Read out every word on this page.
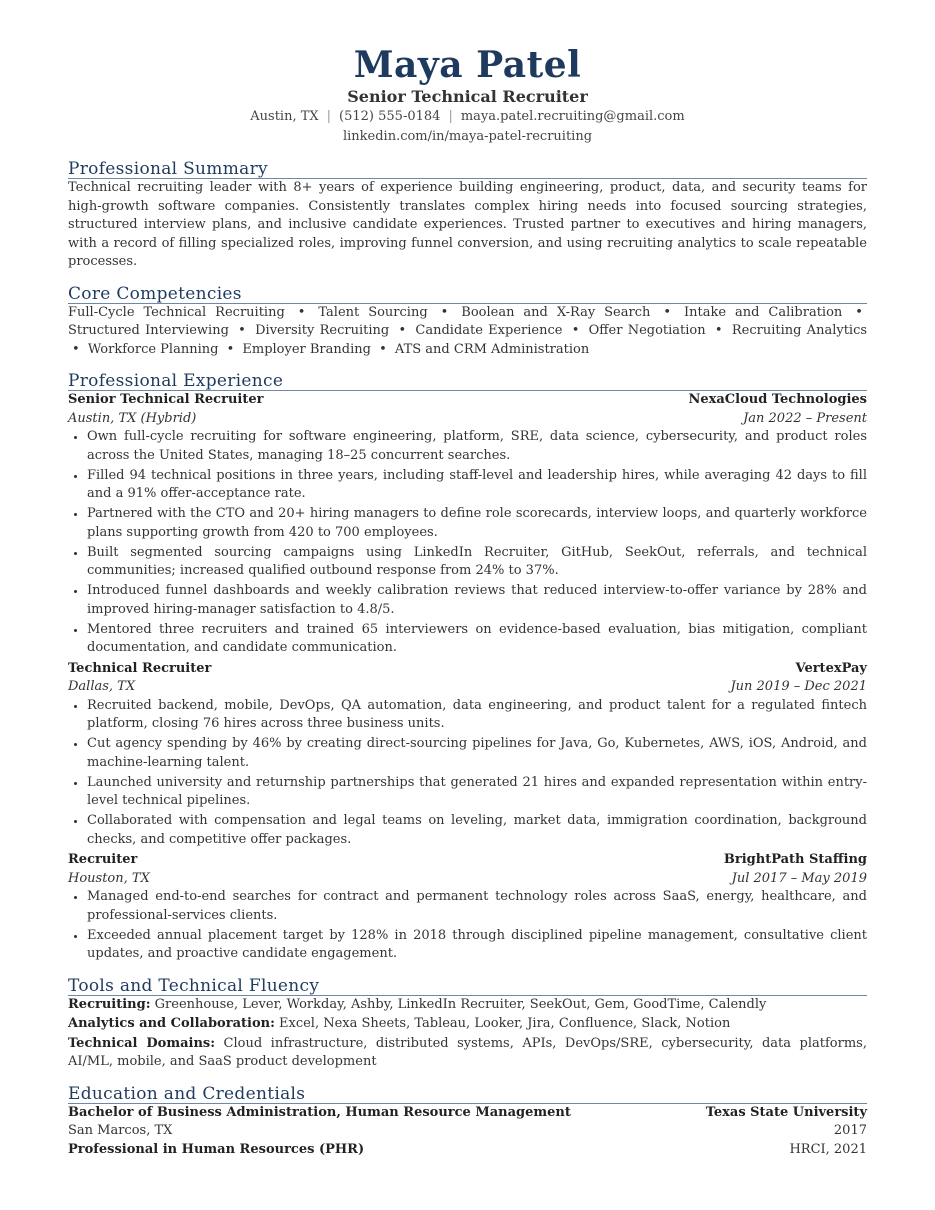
Maya Patel
Senior Technical Recruiter
Austin, TX | (512) 555-0184 | maya.patel.recruiting@gmail.com
linkedin.com/in/maya-patel-recruiting
Professional Summary
Technical recruiting leader with 8+ years of experience building engineering, product, data, and security teams for high-growth software companies. Consistently translates complex hiring needs into focused sourcing strategies, structured interview plans, and inclusive candidate experiences. Trusted partner to executives and hiring managers, with a record of filling specialized roles, improving funnel conversion, and using recruiting analytics to scale repeatable processes.
Core Competencies
Full-Cycle Technical Recruiting • Talent Sourcing • Boolean and X-Ray Search • Intake and Calibration • Structured Interviewing • Diversity Recruiting • Candidate Experience • Offer Negotiation • Recruiting Analytics • Workforce Planning • Employer Branding • ATS and CRM Administration
Professional Experience
Senior Technical Recruiter	NexaCloud Technologies
Austin, TX (Hybrid)	Jan 2022 – Present
• Own full-cycle recruiting for software engineering, platform, SRE, data science, cybersecurity, and product roles across the United States, managing 18–25 concurrent searches.
• Filled 94 technical positions in three years, including staff-level and leadership hires, while averaging 42 days to fill and a 91% offer-acceptance rate.
• Partnered with the CTO and 20+ hiring managers to define role scorecards, interview loops, and quarterly workforce plans supporting growth from 420 to 700 employees.
• Built segmented sourcing campaigns using LinkedIn Recruiter, GitHub, SeekOut, referrals, and technical communities; increased qualified outbound response from 24% to 37%.
• Introduced funnel dashboards and weekly calibration reviews that reduced interview-to-offer variance by 28% and improved hiring-manager satisfaction to 4.8/5.
• Mentored three recruiters and trained 65 interviewers on evidence-based evaluation, bias mitigation, compliant documentation, and candidate communication.
Technical Recruiter	VertexPay
Dallas, TX	Jun 2019 – Dec 2021
• Recruited backend, mobile, DevOps, QA automation, data engineering, and product talent for a regulated fintech platform, closing 76 hires across three business units.
• Cut agency spending by 46% by creating direct-sourcing pipelines for Java, Go, Kubernetes, AWS, iOS, Android, and machine-learning talent.
• Launched university and returnship partnerships that generated 21 hires and expanded representation within entry-level technical pipelines.
• Collaborated with compensation and legal teams on leveling, market data, immigration coordination, background checks, and competitive offer packages.
Recruiter	BrightPath Staffing
Houston, TX	Jul 2017 – May 2019
• Managed end-to-end searches for contract and permanent technology roles across SaaS, energy, healthcare, and professional-services clients.
• Exceeded annual placement target by 128% in 2018 through disciplined pipeline management, consultative client updates, and proactive candidate engagement.
Tools and Technical Fluency
Recruiting: Greenhouse, Lever, Workday, Ashby, LinkedIn Recruiter, SeekOut, Gem, GoodTime, Calendly
Analytics and Collaboration: Excel, Nexa Sheets, Tableau, Looker, Jira, Confluence, Slack, Notion
Technical Domains: Cloud infrastructure, distributed systems, APIs, DevOps/SRE, cybersecurity, data platforms, AI/ML, mobile, and SaaS product development
Education and Credentials
Bachelor of Business Administration, Human Resource Management	Texas State University
San Marcos, TX	2017
Professional in Human Resources (PHR)	HRCI, 2021
